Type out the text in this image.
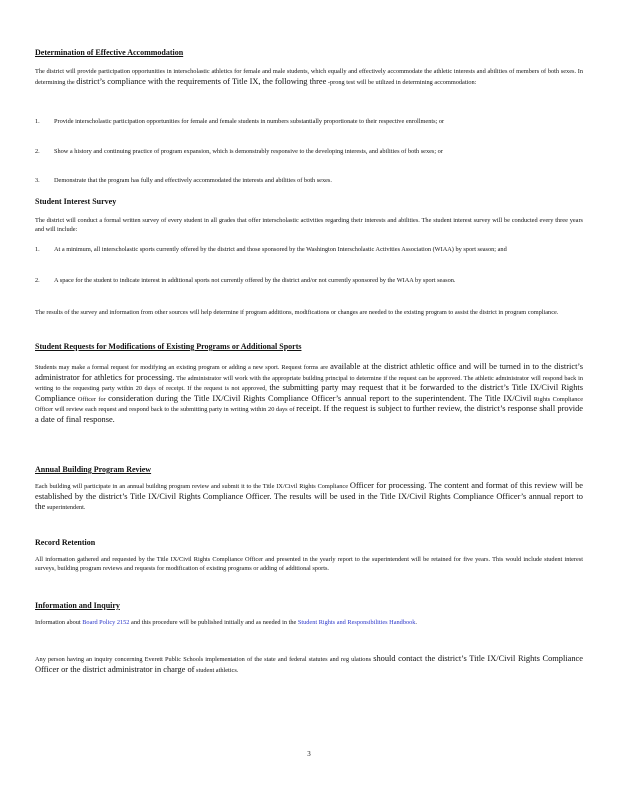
Determination of Effective Accommodation
The district will provide participation opportunities in interscholastic athletics for female and male students, which equally and effectively accommodate the athletic interests and abilities of members of both sexes. In determining the district’s compliance with the requirements of Title IX, the following three -prong test will be utilized in determining accommodation:
1.	Provide interscholastic participation opportunities for female and female students in numbers substantially proportionate to their respective enrollments; or
2.	Show a history and continuing practice of program expansion, which is demonstrably responsive to the developing interests, and abilities of both sexes; or
3.	Demonstrate that the program has fully and effectively accommodated the interests and abilities of both sexes.
Student Interest Survey
The district will conduct a formal written survey of every student in all grades that offer interscholastic activities regarding their interests and abilities. The student interest survey will be conducted every three years and will include:
1.	At a minimum, all interscholastic sports currently offered by the district and those sponsored by the Washington Interscholastic Activities Association (WIAA) by sport season; and
2.	A space for the student to indicate interest in additional sports not currently offered by the district and/or not currently sponsored by the WIAA by sport season.
The results of the survey and information from other sources will help determine if program additions, modifications or changes are needed to the existing program to assist the district in program compliance.
Student Requests for Modifications of Existing Programs or Additional Sports
Students may make a formal request for modifying an existing program or adding a new sport. Request forms are available at the district athletic office and will be turned in to the district’s administrator for athletics for processing. The administrator will work with the appropriate building principal to determine if the request can be approved. The athletic administrator will respond back in writing to the requesting party within 20 days of receipt. If the request is not approved, the submitting party may request that it be forwarded to the district’s Title IX/Civil Rights Compliance Officer for consideration during the Title IX/Civil Rights Compliance Officer’s annual report to the superintendent. The Title IX/Civil Rights Compliance Officer will review each request and respond back to the submitting party in writing within 20 days of receipt. If the request is subject to further review, the district’s response shall provide a date of final response.
Annual Building Program Review
Each building will participate in an annual building program review and submit it to the Title IX/Civil Rights Compliance Officer for processing. The content and format of this review will be established by the district’s Title IX/Civil Rights Compliance Officer. The results will be used in the Title IX/Civil Rights Compliance Officer’s annual report to the superintendent.
Record Retention
All information gathered and requested by the Title IX/Civil Rights Compliance Officer and presented in the yearly report to the superintendent will be retained for five years. This would include student interest surveys, building program reviews and requests for modification of existing programs or adding of additional sports.
Information and Inquiry
Information about Board Policy 2152 and this procedure will be published initially and as needed in the Student Rights and Responsibilities Handbook.
Any person having an inquiry concerning Everett Public Schools implementation of the state and federal statutes and reg ulations should contact the district’s Title IX/Civil Rights Compliance Officer or the district administrator in charge of student athletics.
3
